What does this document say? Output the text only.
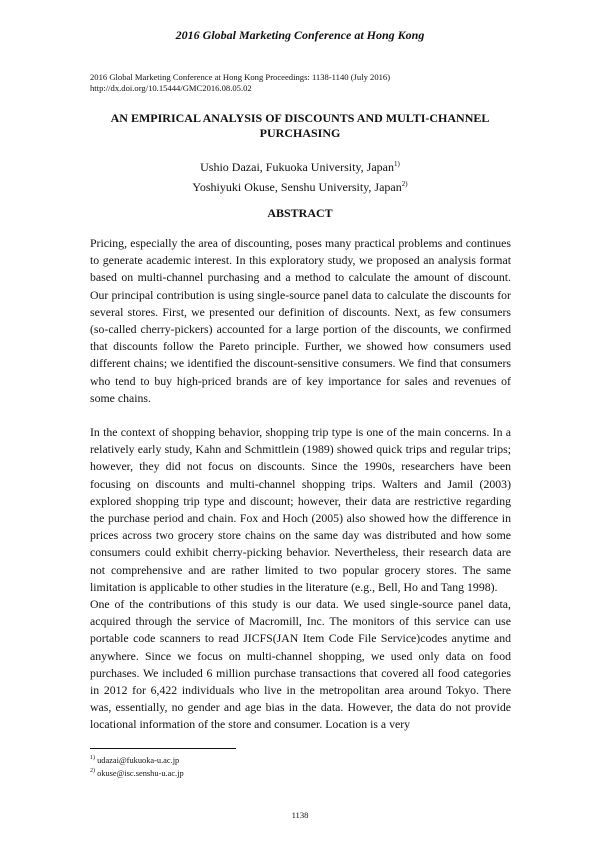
2016 Global Marketing Conference at Hong Kong
2016 Global Marketing Conference at Hong Kong Proceedings: 1138-1140 (July 2016)
http://dx.doi.org/10.15444/GMC2016.08.05.02
AN EMPIRICAL ANALYSIS OF DISCOUNTS AND MULTI-CHANNEL
PURCHASING
Ushio Dazai, Fukuoka University, Japan$^{1)}$
Yoshiyuki Okuse, Senshu University, Japan$^{2)}$
ABSTRACT

Pricing, especially the area of discounting, poses many practical problems and continues to generate academic interest. In this exploratory study, we proposed an analysis format based on multi-channel purchasing and a method to calculate the amount of discount. Our principal contribution is using single-source panel data to calculate the discounts for several stores. First, we presented our definition of discounts. Next, as few consumers (so-called cherry-pickers) accounted for a large portion of the discounts, we confirmed that discounts follow the Pareto principle. Further, we showed how consumers used different chains; we identified the discount-sensitive consumers. We find that consumers who tend to buy high-priced brands are of key importance for sales and revenues of some chains.

In the context of shopping behavior, shopping trip type is one of the main concerns. In a relatively early study, Kahn and Schmittlein (1989) showed quick trips and regular trips; however, they did not focus on discounts. Since the 1990s, researchers have been focusing on discounts and multi-channel shopping trips. Walters and Jamil (2003) explored shopping trip type and discount; however, their data are restrictive regarding the purchase period and chain. Fox and Hoch (2005) also showed how the difference in prices across two grocery store chains on the same day was distributed and how some consumers could exhibit cherry-picking behavior. Nevertheless, their research data are not comprehensive and are rather limited to two popular grocery stores. The same limitation is applicable to other studies in the literature (e.g., Bell, Ho and Tang 1998).

One of the contributions of this study is our data. We used single-source panel data, acquired through the service of Macromill, Inc. The monitors of this service can use portable code scanners to read JICFS(JAN Item Code File Service)codes anytime and anywhere. Since we focus on multi-channel shopping, we used only data on food purchases. We included 6 million purchase transactions that covered all food categories in 2012 for 6,422 individuals who live in the metropolitan area around Tokyo. There was, essentially, no gender and age bias in the data. However, the data do not provide locational information of the store and consumer. Location is a very

$^{1)}$ udazai@fukuoka-u.ac.jp
$^{2)}$ okuse@isc.senshu-u.ac.jp
1138
